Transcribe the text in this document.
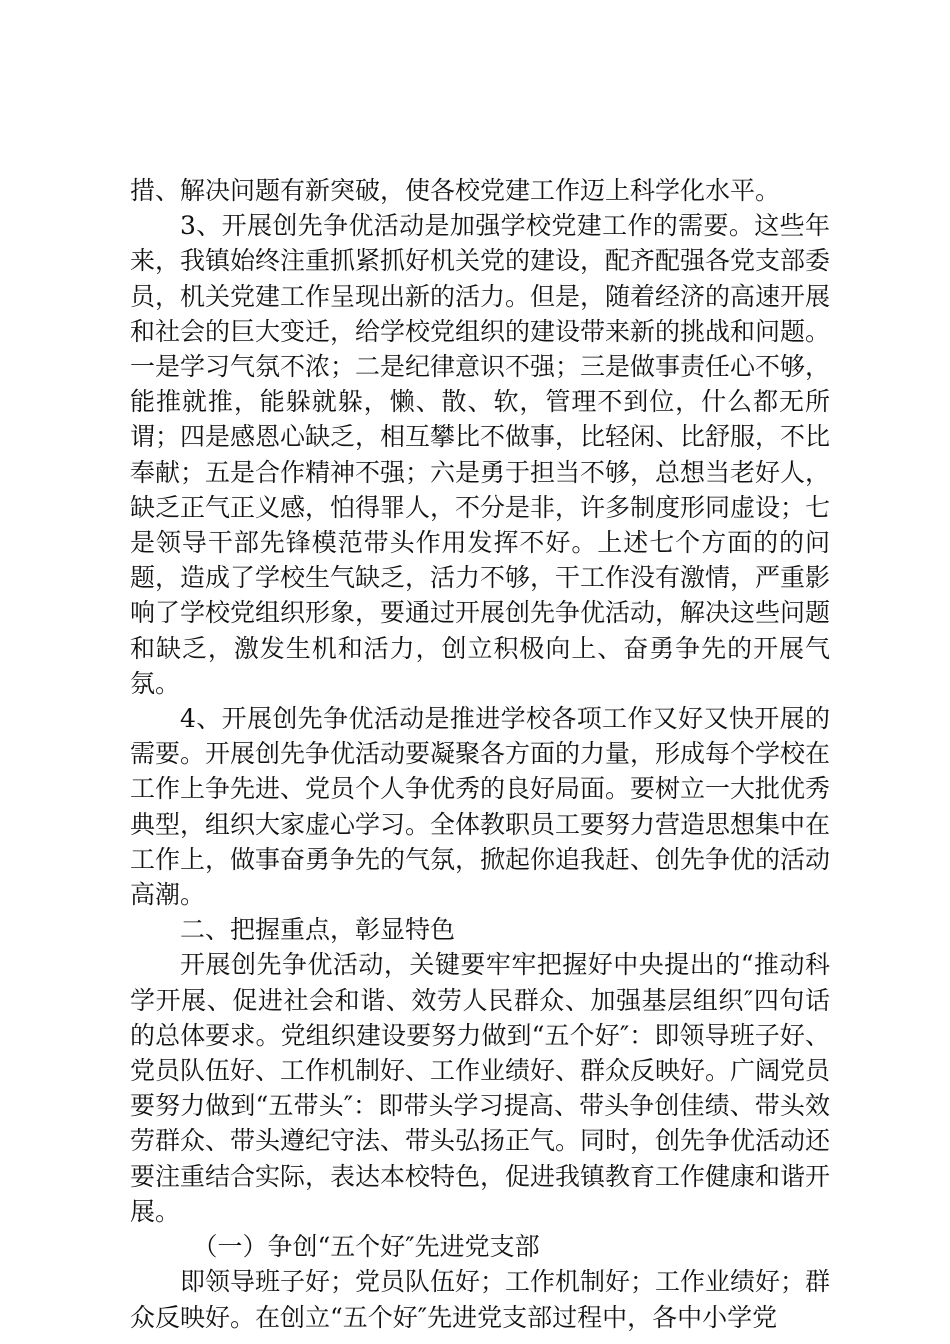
措、解决问题有新突破，使各校党建工作迈上科学化水平。

3、开展创先争优活动是加强学校党建工作的需要。这些年来，我镇始终注重抓紧抓好机关党的建设，配齐配强各党支部委员，机关党建工作呈现出新的活力。但是，随着经济的高速开展和社会的巨大变迁，给学校党组织的建设带来新的挑战和问题。一是学习气氛不浓；二是纪律意识不强；三是做事责任心不够，能推就推，能躲就躲，懒、散、软，管理不到位，什么都无所谓；四是感恩心缺乏，相互攀比不做事，比轻闲、比舒服，不比奉献；五是合作精神不强；六是勇于担当不够，总想当老好人，缺乏正气正义感，怕得罪人，不分是非，许多制度形同虚设；七是领导干部先锋模范带头作用发挥不好。上述七个方面的的问题，造成了学校生气缺乏，活力不够，干工作没有激情，严重影响了学校党组织形象，要通过开展创先争优活动，解决这些问题和缺乏，激发生机和活力，创立积极向上、奋勇争先的开展气氛。

4、开展创先争优活动是推进学校各项工作又好又快开展的需要。开展创先争优活动要凝聚各方面的力量，形成每个学校在工作上争先进、党员个人争优秀的良好局面。要树立一大批优秀典型，组织大家虚心学习。全体教职员工要努力营造思想集中在工作上，做事奋勇争先的气氛，掀起你追我赶、创先争优的活动高潮。

二、把握重点，彰显特色

开展创先争优活动，关键要牢牢把握好中央提出的“推动科学开展、促进社会和谐、效劳人民群众、加强基层组织″四句话的总体要求。党组织建设要努力做到“五个好″：即领导班子好、党员队伍好、工作机制好、工作业绩好、群众反映好。广阔党员要努力做到“五带头″：即带头学习提高、带头争创佳绩、带头效劳群众、带头遵纪守法、带头弘扬正气。同时，创先争优活动还要注重结合实际，表达本校特色，促进我镇教育工作健康和谐开展。

（一）争创“五个好″先进党支部

即领导班子好；党员队伍好；工作机制好；工作业绩好；群众反映好。在创立“五个好″先进党支部过程中，各中小学党
